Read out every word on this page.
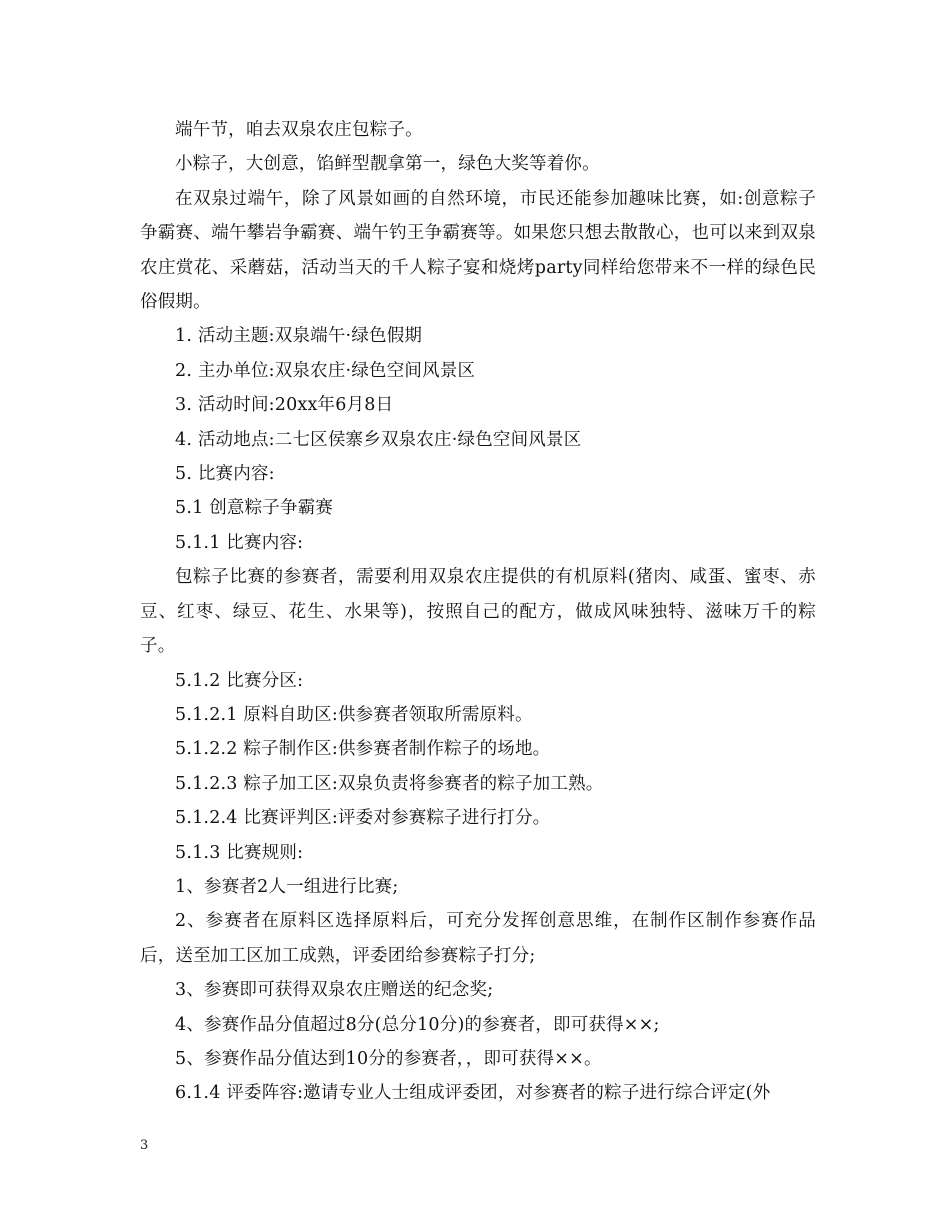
端午节，咱去双泉农庄包粽子。

小粽子，大创意，馅鲜型靓拿第一，绿色大奖等着你。

在双泉过端午，除了风景如画的自然环境，市民还能参加趣味比赛，如:创意粽子争霸赛、端午攀岩争霸赛、端午钓王争霸赛等。如果您只想去散散心，也可以来到双泉农庄赏花、采蘑菇，活动当天的千人粽子宴和烧烤party同样给您带来不一样的绿色民俗假期。

1. 活动主题:双泉端午·绿色假期

2. 主办单位:双泉农庄·绿色空间风景区

3. 活动时间:20xx年6月8日

4. 活动地点:二七区侯寨乡双泉农庄·绿色空间风景区

5. 比赛内容:

5.1 创意粽子争霸赛

5.1.1 比赛内容:

包粽子比赛的参赛者，需要利用双泉农庄提供的有机原料(猪肉、咸蛋、蜜枣、赤豆、红枣、绿豆、花生、水果等)，按照自己的配方，做成风味独特、滋味万千的粽子。

5.1.2 比赛分区:

5.1.2.1 原料自助区:供参赛者领取所需原料。

5.1.2.2 粽子制作区:供参赛者制作粽子的场地。

5.1.2.3 粽子加工区:双泉负责将参赛者的粽子加工熟。

5.1.2.4 比赛评判区:评委对参赛粽子进行打分。

5.1.3 比赛规则:

1、参赛者2人一组进行比赛;

2、参赛者在原料区选择原料后，可充分发挥创意思维，在制作区制作参赛作品后，送至加工区加工成熟，评委团给参赛粽子打分;

3、参赛即可获得双泉农庄赠送的纪念奖;

4、参赛作品分值超过8分(总分10分)的参赛者，即可获得××;

5、参赛作品分值达到10分的参赛者，，即可获得××。

6.1.4 评委阵容:邀请专业人士组成评委团，对参赛者的粽子进行综合评定(外

3
